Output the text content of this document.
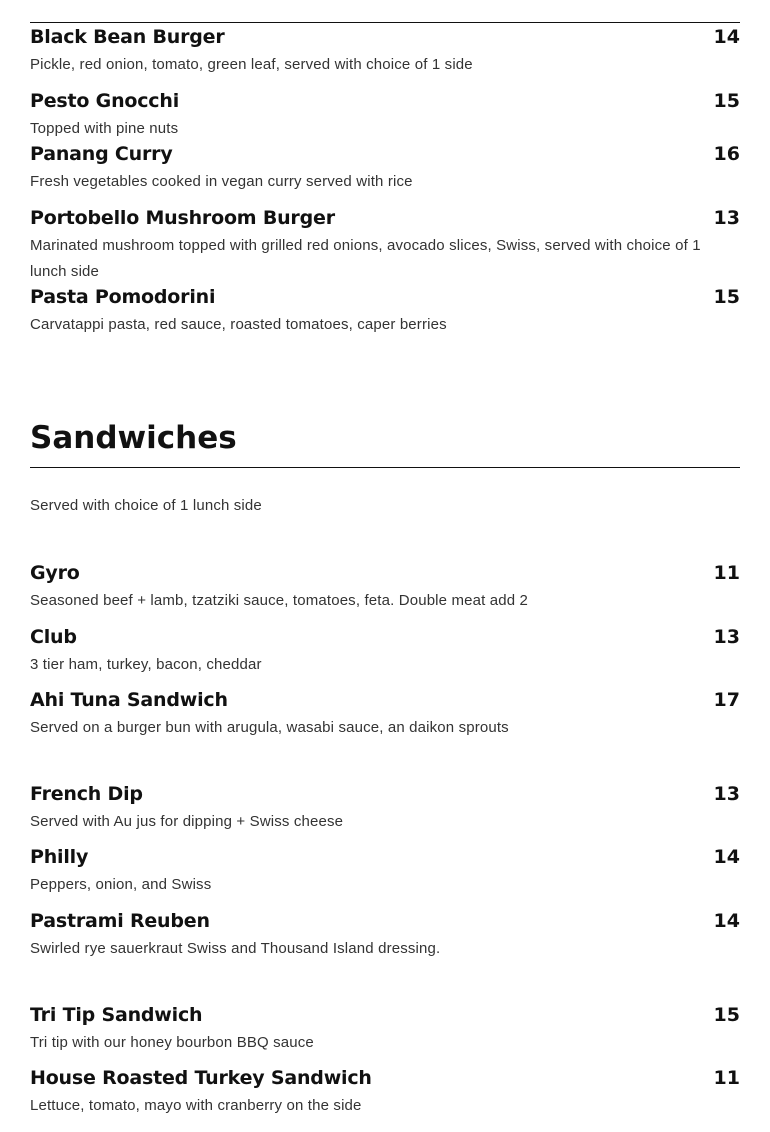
Black Bean Burger	14
Pickle, red onion, tomato, green leaf, served with choice of 1 side
Pesto Gnocchi	15
Topped with pine nuts
Panang Curry	16
Fresh vegetables cooked in vegan curry served with rice
Portobello Mushroom Burger	13
Marinated mushroom topped with grilled red onions, avocado slices, Swiss, served with choice of 1 lunch side
Pasta Pomodorini	15
Carvatappi pasta, red sauce, roasted tomatoes, caper berries
Sandwiches
Served with choice of 1 lunch side
Gyro	11
Seasoned beef + lamb, tzatziki sauce, tomatoes, feta. Double meat add 2
Club	13
3 tier ham, turkey, bacon, cheddar
Ahi Tuna Sandwich	17
Served on a burger bun with arugula, wasabi sauce, an daikon sprouts
French Dip	13
Served with Au jus for dipping + Swiss cheese
Philly	14
Peppers, onion, and Swiss
Pastrami Reuben	14
Swirled rye sauerkraut Swiss and Thousand Island dressing.
Tri Tip Sandwich	15
Tri tip with our honey bourbon BBQ sauce
House Roasted Turkey Sandwich	11
Lettuce, tomato, mayo with cranberry on the side
